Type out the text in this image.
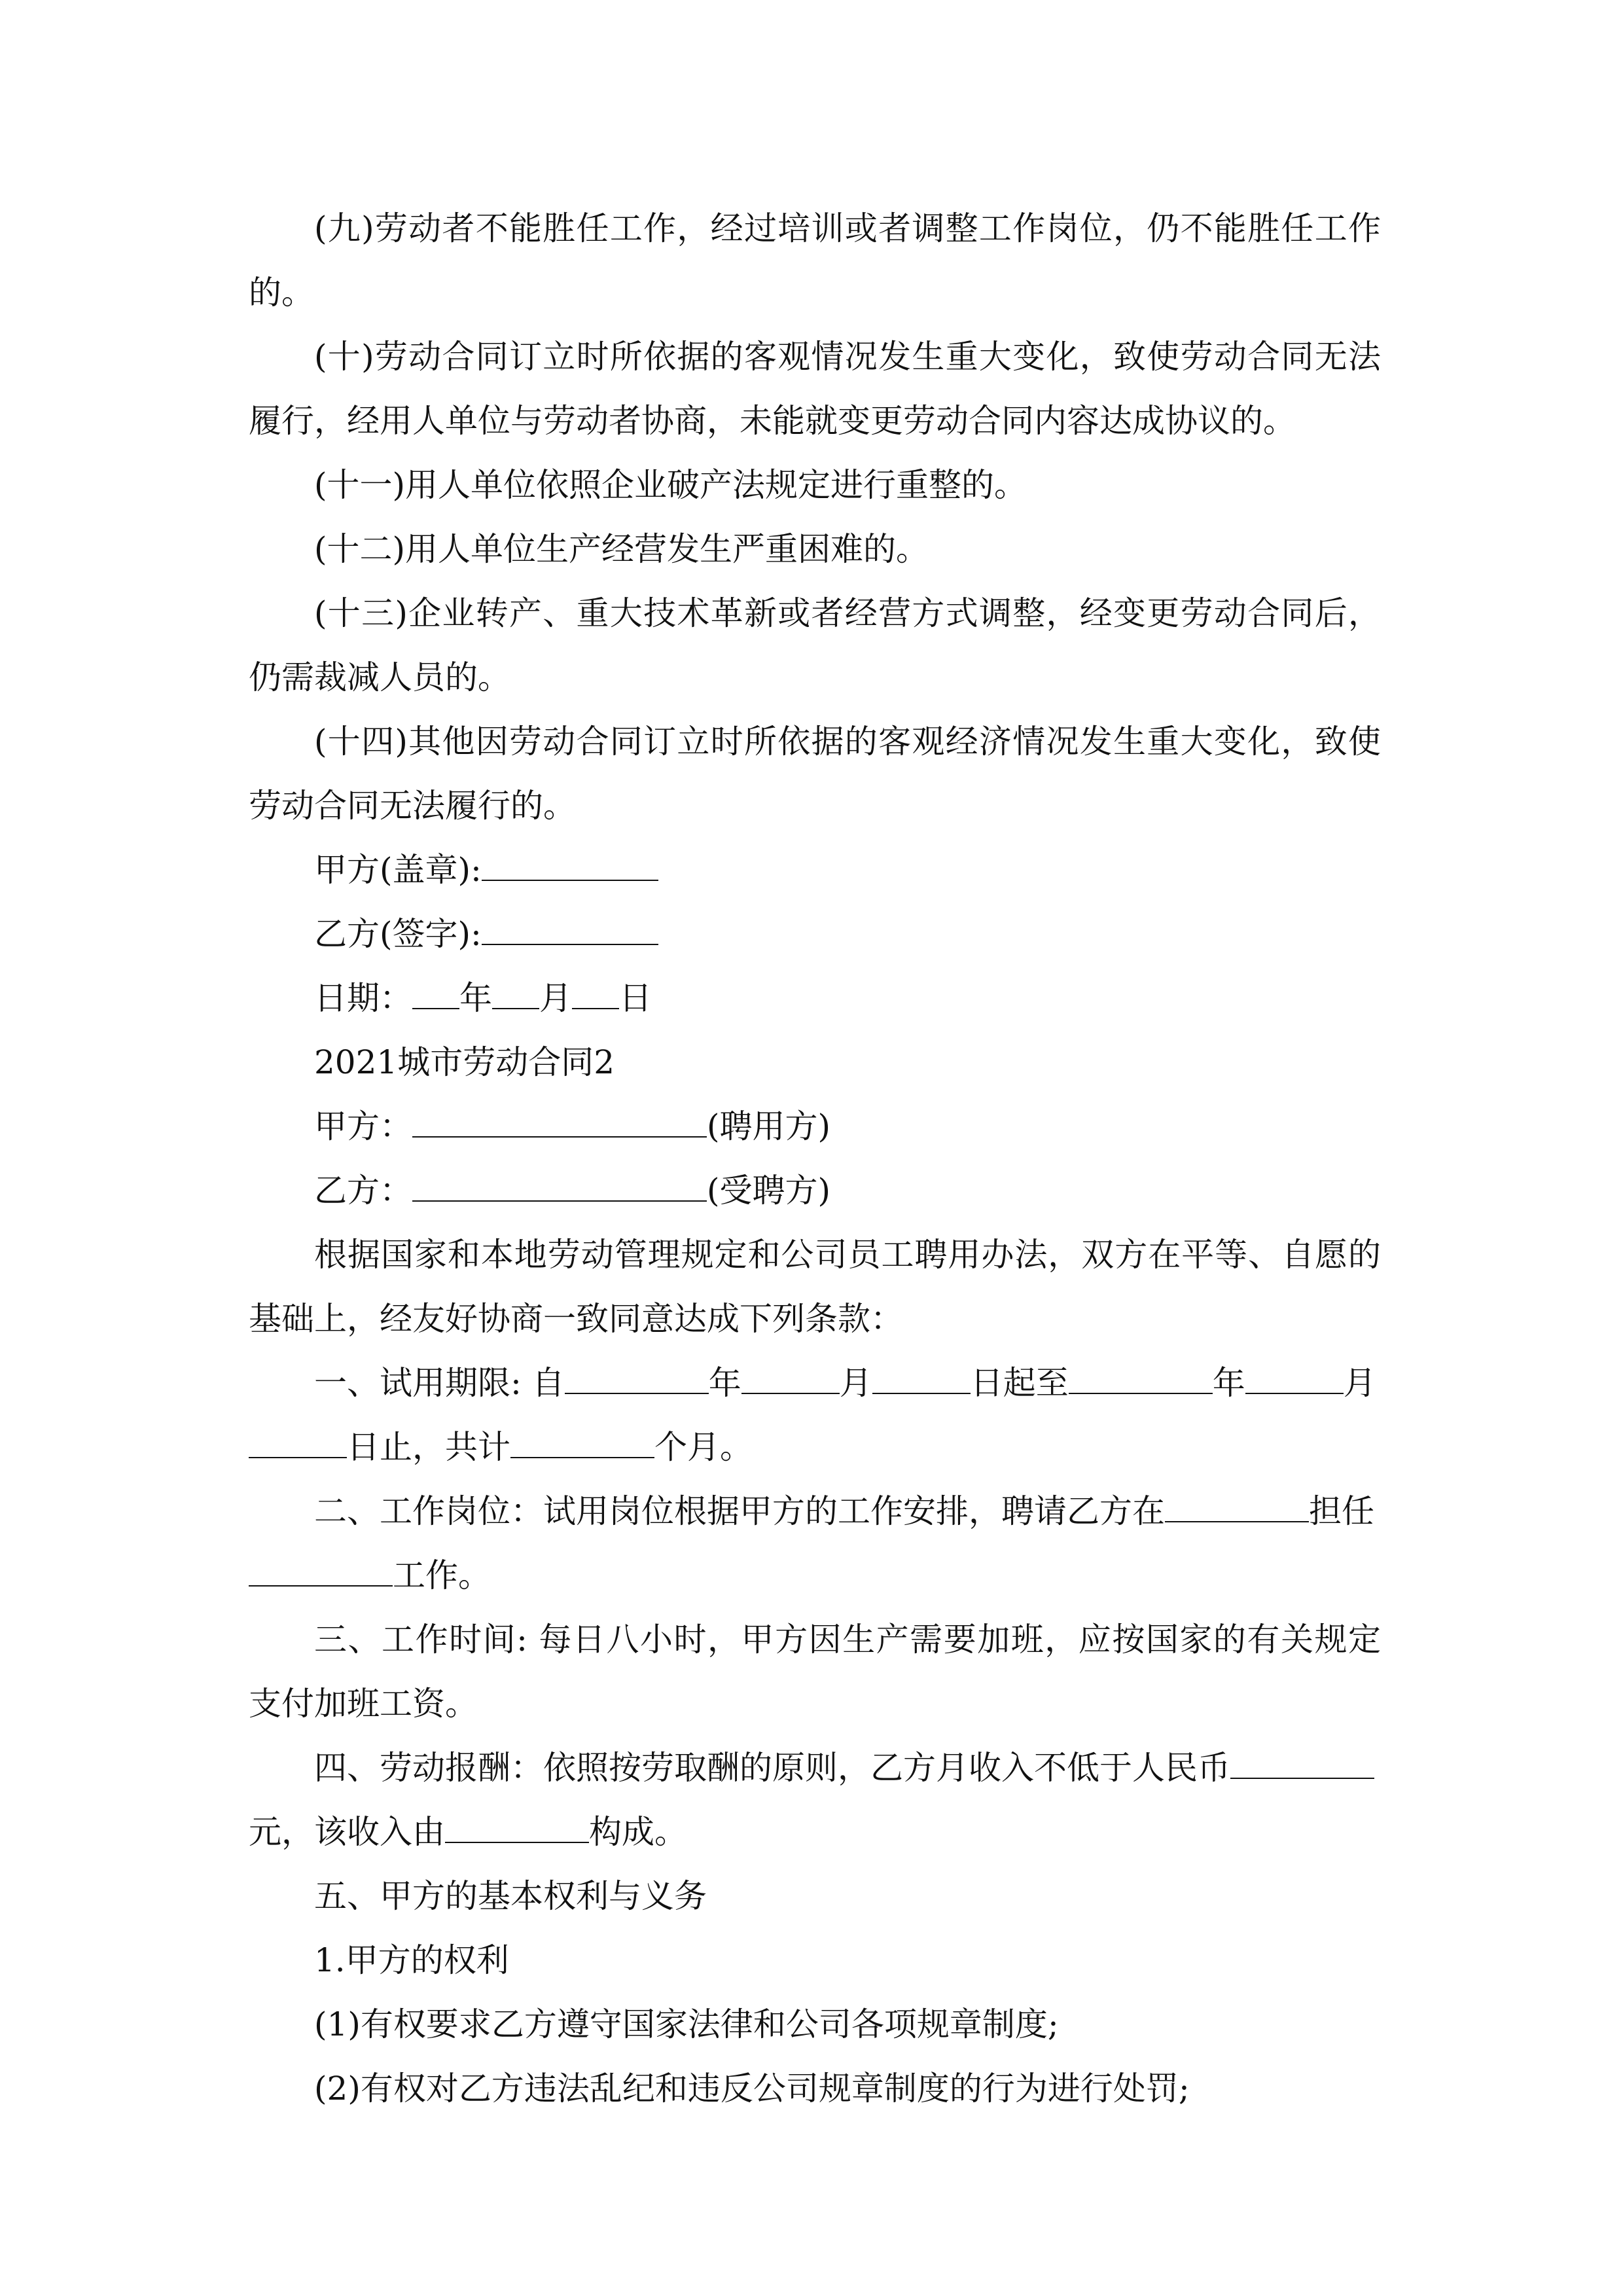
(九)劳动者不能胜任工作，经过培训或者调整工作岗位，仍不能胜任工作的。

(十)劳动合同订立时所依据的客观情况发生重大变化，致使劳动合同无法履行，经用人单位与劳动者协商，未能就变更劳动合同内容达成协议的。

(十一)用人单位依照企业破产法规定进行重整的。

(十二)用人单位生产经营发生严重困难的。

(十三)企业转产、重大技术革新或者经营方式调整，经变更劳动合同后，仍需裁减人员的。

(十四)其他因劳动合同订立时所依据的客观经济情况发生重大变化，致使劳动合同无法履行的。

甲方(盖章):

乙方(签字):

日期： 年 月 日

2021城市劳动合同2

甲方：	(聘用方)

乙方：	(受聘方)

根据国家和本地劳动管理规定和公司员工聘用办法，双方在平等、自愿的基础上，经友好协商一致同意达成下列条款：

一、试用期限: 自	年	月	日起至	年	月

日止，共计	个月。

二、工作岗位：试用岗位根据甲方的工作安排，聘请乙方在	担任

工作。

三、工作时间: 每日八小时，甲方因生产需要加班，应按国家的有关规定支付加班工资。

四、劳动报酬：依照按劳取酬的原则，乙方月收入不低于人民币

元，该收入由	构成。

五、甲方的基本权利与义务

1.甲方的权利

(1)有权要求乙方遵守国家法律和公司各项规章制度;

(2)有权对乙方违法乱纪和违反公司规章制度的行为进行处罚;
